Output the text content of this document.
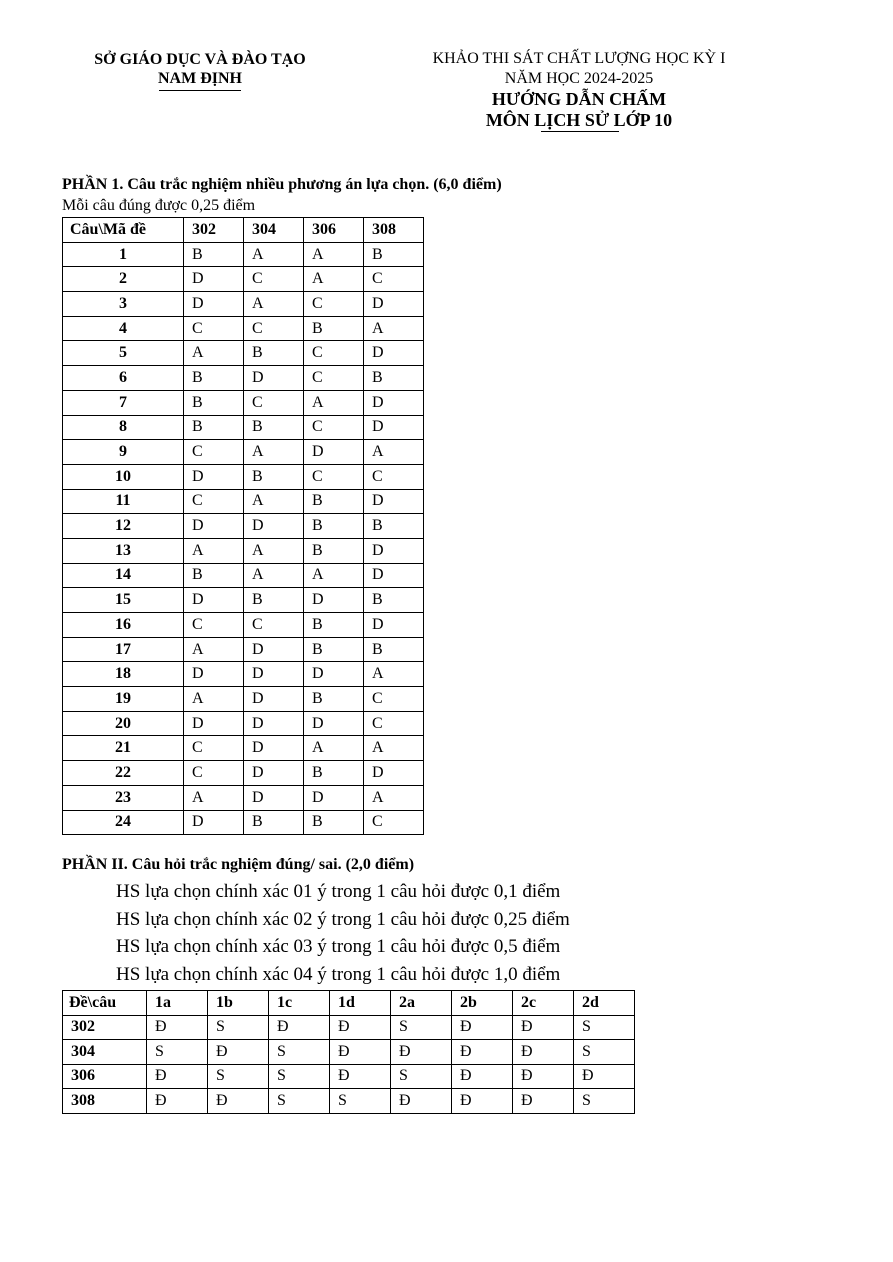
SỞ GIÁO DỤC VÀ ĐÀO TẠO
NAM ĐỊNH
KHẢO THI SÁT CHẤT LƯỢNG HỌC KỲ I
NĂM HỌC 2024-2025
HƯỚNG DẪN CHẤM
MÔN LỊCH SỬ LỚP 10
PHẦN 1. Câu trắc nghiệm nhiều phương án lựa chọn. (6,0 điểm)
Mỗi câu đúng được 0,25 điểm
Câu\Mã đề	302	304	306	308
1	B	A	A	B
2	D	C	A	C
3	D	A	C	D
4	C	C	B	A
5	A	B	C	D
6	B	D	C	B
7	B	C	A	D
8	B	B	C	D
9	C	A	D	A
10	D	B	C	C
11	C	A	B	D
12	D	D	B	B
13	A	A	B	D
14	B	A	A	D
15	D	B	D	B
16	C	C	B	D
17	A	D	B	B
18	D	D	D	A
19	A	D	B	C
20	D	D	D	C
21	C	D	A	A
22	C	D	B	D
23	A	D	D	A
24	D	B	B	C
PHẦN II. Câu hỏi trắc nghiệm đúng/ sai. (2,0 điểm)
HS lựa chọn chính xác 01 ý trong 1 câu hỏi được 0,1 điểm
HS lựa chọn chính xác 02 ý trong 1 câu hỏi được 0,25 điểm
HS lựa chọn chính xác 03 ý trong 1 câu hỏi được 0,5 điểm
HS lựa chọn chính xác 04 ý trong 1 câu hỏi được 1,0 điểm
Đề\câu	1a	1b	1c	1d	2a	2b	2c	2d
302	Đ	S	Đ	Đ	S	Đ	Đ	S
304	S	Đ	S	Đ	Đ	Đ	Đ	S
306	Đ	S	S	Đ	S	Đ	Đ	Đ
308	Đ	Đ	S	S	Đ	Đ	Đ	S
